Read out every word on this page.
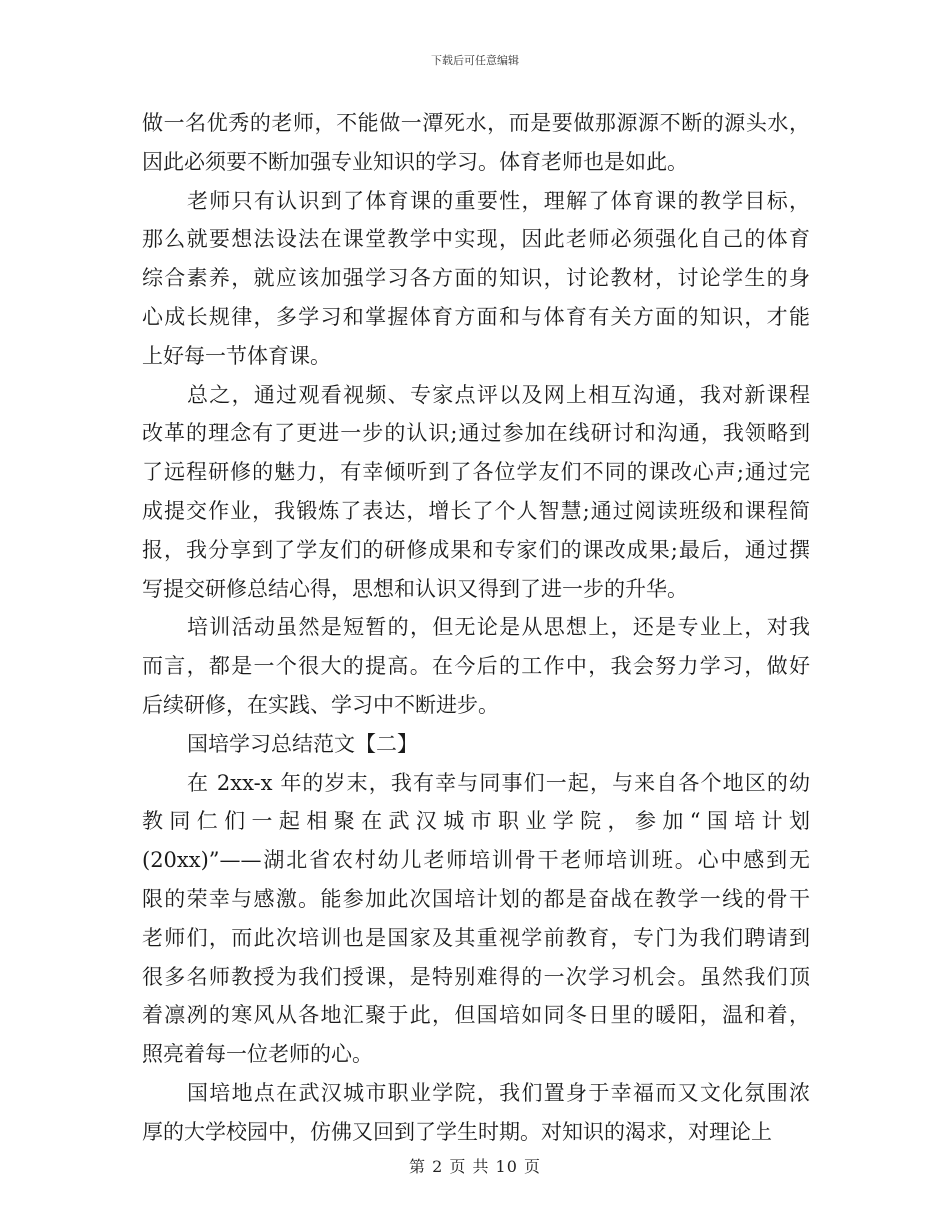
下载后可任意编辑
做一名优秀的老师，不能做一潭死水，而是要做那源源不断的源头水，
因此必须要不断加强专业知识的学习。体育老师也是如此。
老师只有认识到了体育课的重要性，理解了体育课的教学目标，
那么就要想法设法在课堂教学中实现，因此老师必须强化自己的体育
综合素养，就应该加强学习各方面的知识，讨论教材，讨论学生的身
心成长规律，多学习和掌握体育方面和与体育有关方面的知识，才能
上好每一节体育课。
总之，通过观看视频、专家点评以及网上相互沟通，我对新课程
改革的理念有了更进一步的认识;通过参加在线研讨和沟通，我领略到
了远程研修的魅力，有幸倾听到了各位学友们不同的课改心声;通过完
成提交作业，我锻炼了表达，增长了个人智慧;通过阅读班级和课程简
报，我分享到了学友们的研修成果和专家们的课改成果;最后，通过撰
写提交研修总结心得，思想和认识又得到了进一步的升华。
培训活动虽然是短暂的，但无论是从思想上，还是专业上，对我
而言，都是一个很大的提高。在今后的工作中，我会努力学习，做好
后续研修，在实践、学习中不断进步。
国培学习总结范文【二】
在 2xx-x 年的岁末，我有幸与同事们一起，与来自各个地区的幼
教同仁们一起相聚在武汉城市职业学院，参加“国培计划
(20xx)”——湖北省农村幼儿老师培训骨干老师培训班。心中感到无
限的荣幸与感激。能参加此次国培计划的都是奋战在教学一线的骨干
老师们，而此次培训也是国家及其重视学前教育，专门为我们聘请到
很多名师教授为我们授课，是特别难得的一次学习机会。虽然我们顶
着凛冽的寒风从各地汇聚于此，但国培如同冬日里的暖阳，温和着，
照亮着每一位老师的心。
国培地点在武汉城市职业学院，我们置身于幸福而又文化氛围浓
厚的大学校园中，仿佛又回到了学生时期。对知识的渴求，对理论上
第 2 页 共 10 页
